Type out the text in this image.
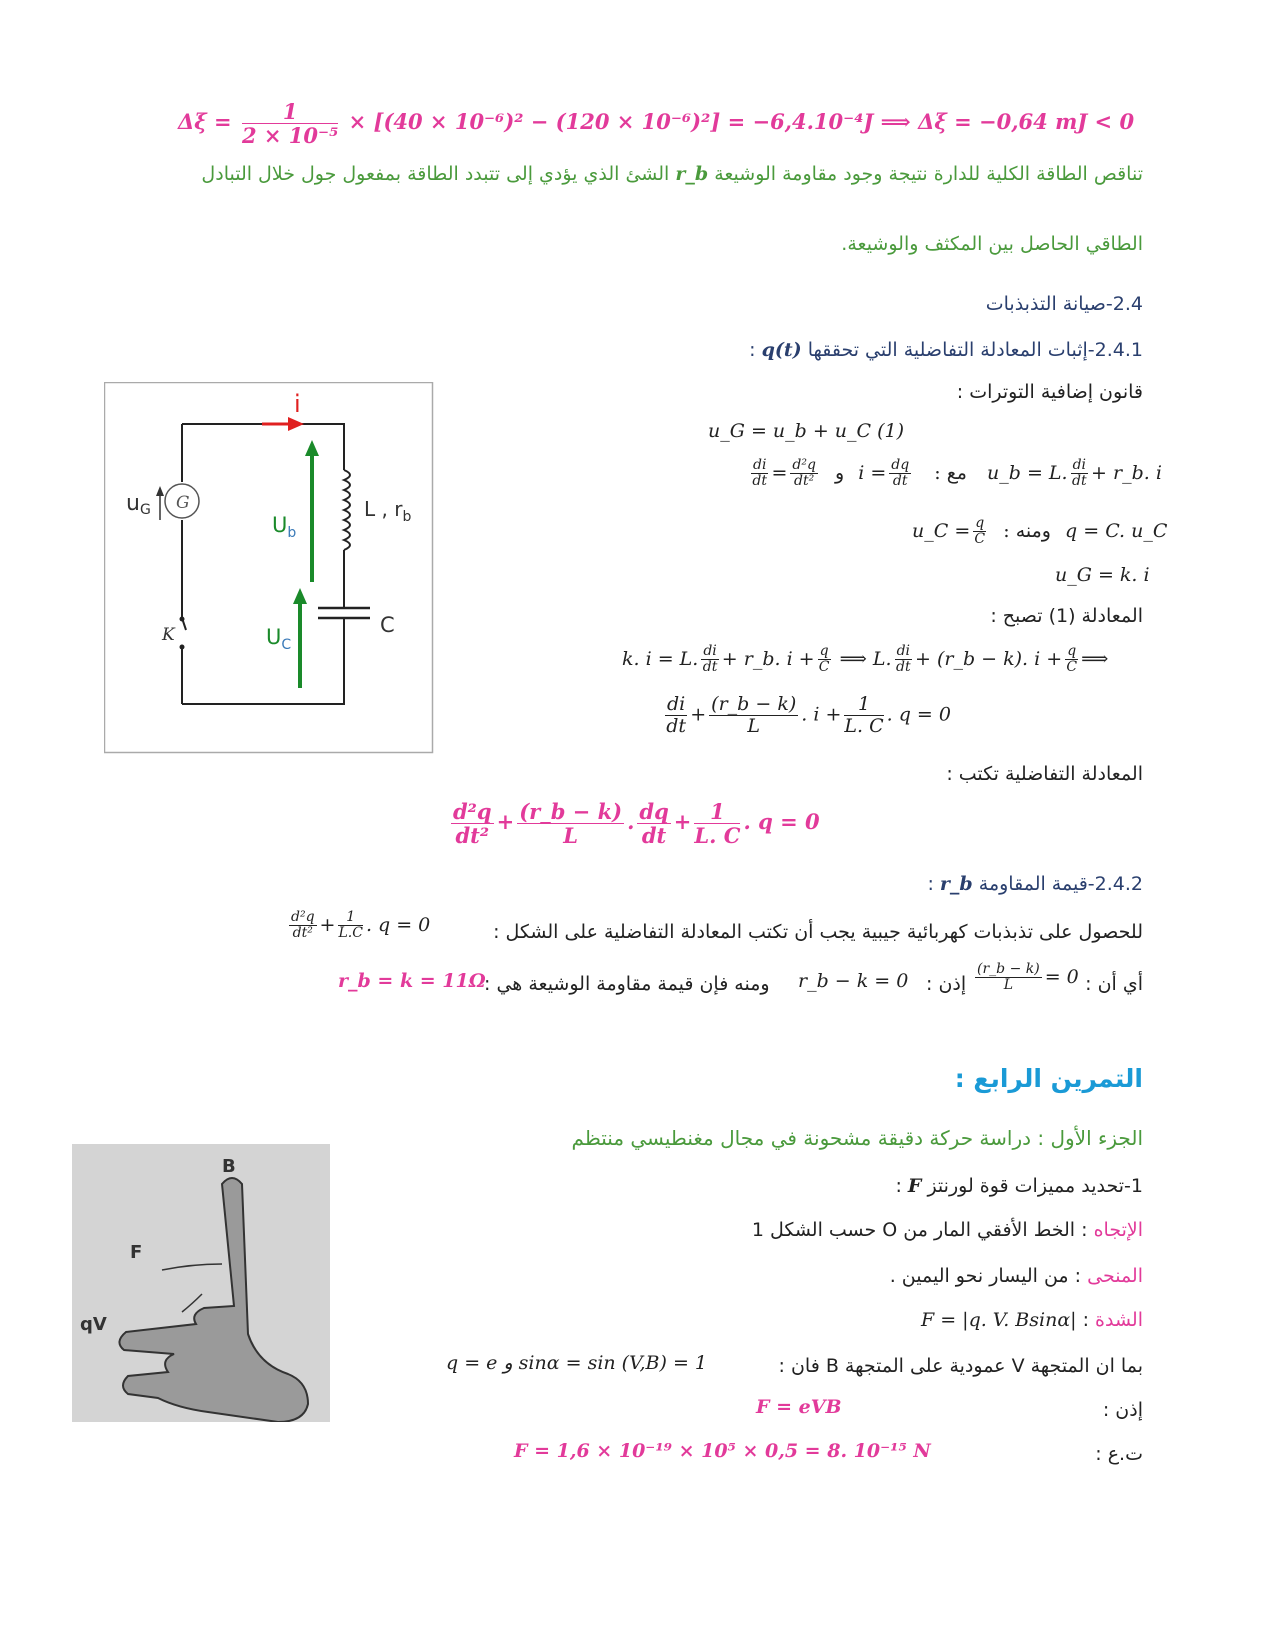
$\Delta\xi = \frac{1}{\text{2 × 10⁻⁵}} \times [(40 \times 10^{-6})^2 - (120 \times 10^{-6})^2] = -6,4.10^{-4}J$ ⟹ Δξ = −0,64 mJ < 0
تناقص الطاقة الكلية للدارة نتيجة وجود مقاومة الوشيعة r_b الشئ الذي يؤدي إلى تتبدد الطاقة بمفعول جول خلال التبادل
الطاقي الحاصل بين المكثف والوشيعة.
2.4-صيانة التذبذبات
2.4.1-إثبات المعادلة التفاضلية التي تحققها q(t) :
قانون إضافية التوترات :
u_G = u_b + u_C (1)
$\frac{di}{dt} = \frac{\text{d²q}}{\text{dt²}}$ و $i = \frac{dq}{dt}$ : مع u_b = L. $\frac{di}{dt}$ + r_b. i
u_C = $\frac{q}{C}$ : ومنه q = C. u_C
u_G = k. i
المعادلة (1) تصبح :
k. i = L. $\frac{di}{dt}$ + r_b. $i + \frac{q}{C}$ ⟹ L. $\frac{di}{dt}$ + (r_b − k). $i + \frac{q}{C}$ ⟹
$\frac{di}{dt} + \frac{(r\_b - k)}{L}$ . $i + \frac{1}{L. C}$ . q = 0
المعادلة التفاضلية تكتب :
$\frac{\text{d²q}}{\text{dt²}} + \frac{(r\_b - k)}{L}$ . $\frac{dq}{dt} + \frac{1}{L. C}$ . q = 0
2.4.2-قيمة المقاومة r_b :
للحصول على تذبذبات كهربائية جيبية يجب أن تكتب المعادلة التفاضلية على الشكل :
$\frac{\text{d²q}}{\text{dt²}} + \frac{1}{L.C}$ . q = 0
أي أن :
$\frac{(r\_b - k)}{L} = 0$
إذن :
r_b − k = 0
ومنه فإن قيمة مقاومة الوشيعة هي :
r_b = k = 11Ω
G
K
i
uG
$U_b$
$U_C$
L , $r_b$
C
التمرين الرابع :
الجزء الأول : دراسة حركة دقيقة مشحونة في مجال مغنطيسي منتظم
1-تحديد مميزات قوة لورنتز F :
الإتجاه : الخط الأفقي المار من O حسب الشكل 1
المنحى : من اليسار نحو اليمين .
الشدة : F = |q. V. Bsinα|
بما ان المتجهة V عمودية على المتجهة B فان :
q = e و sinα = sin (V,B) = 1
إذن :
F = eVB
ت.ع :
F = 1,6 × 10⁻¹⁹ × 10⁵ × 0,5 = 8. 10⁻¹⁵ N
B
F
qV
